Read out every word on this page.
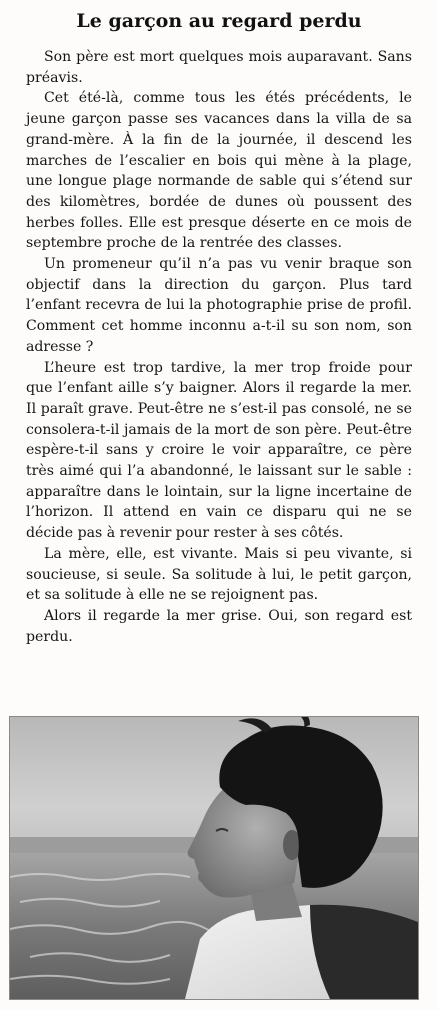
Le garçon au regard perdu

Son père est mort quelques mois auparavant. Sans préavis.

Cet été-là, comme tous les étés précédents, le jeune garçon passe ses vacances dans la villa de sa grand-mère. À la fin de la journée, il descend les marches de l’escalier en bois qui mène à la plage, une longue plage normande de sable qui s’étend sur des kilomètres, bordée de dunes où poussent des herbes folles. Elle est presque déserte en ce mois de septembre proche de la rentrée des classes.

Un promeneur qu’il n’a pas vu venir braque son objectif dans la direction du garçon. Plus tard l’enfant recevra de lui la photographie prise de profil. Comment cet homme inconnu a-t-il su son nom, son adresse ?

L’heure est trop tardive, la mer trop froide pour que l’enfant aille s’y baigner. Alors il regarde la mer. Il paraît grave. Peut-être ne s’est-il pas consolé, ne se consolera-t-il jamais de la mort de son père. Peut-être espère-t-il sans y croire le voir apparaître, ce père très aimé qui l’a abandonné, le laissant sur le sable : apparaître dans le lointain, sur la ligne incertaine de l’horizon. Il attend en vain ce disparu qui ne se décide pas à revenir pour rester à ses côtés.

La mère, elle, est vivante. Mais si peu vivante, si soucieuse, si seule. Sa solitude à lui, le petit garçon, et sa solitude à elle ne se rejoignent pas.

Alors il regarde la mer grise. Oui, son regard est perdu.
